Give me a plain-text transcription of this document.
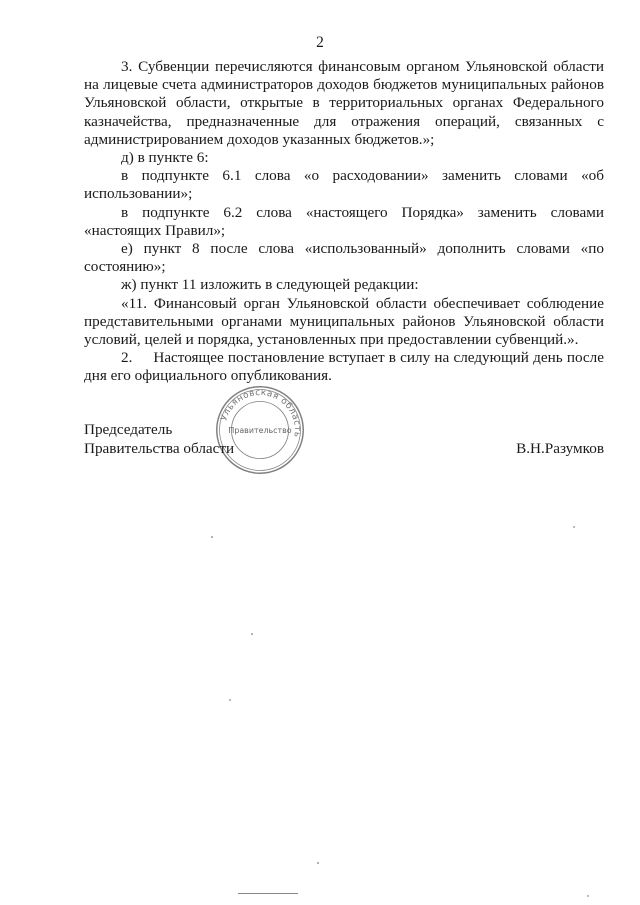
2

3. Субвенции перечисляются финансовым органом Ульяновской области на лицевые счета администраторов доходов бюджетов муниципальных районов Ульяновской области, открытые в территориальных органах Федерального казначейства, предназначенные для отражения операций, связанных с администрированием доходов указанных бюджетов.»;

д) в пункте 6:

в подпункте 6.1 слова «о расходовании» заменить словами «об использовании»;

в подпункте 6.2 слова «настоящего Порядка» заменить словами «настоящих Правил»;

е) пункт 8 после слова «использованный» дополнить словами «по состоянию»;

ж) пункт 11 изложить в следующей редакции:

«11. Финансовый орган Ульяновской области обеспечивает соблюдение представительными органами муниципальных районов Ульяновской области условий, целей и порядка, установленных при предоставлении субвенций.».

2.     Настоящее постановление вступает в силу на следующий день после дня его официального опубликования.

Ульяновская область
Правительство
Председатель
Правительства области	В.Н.Разумков
